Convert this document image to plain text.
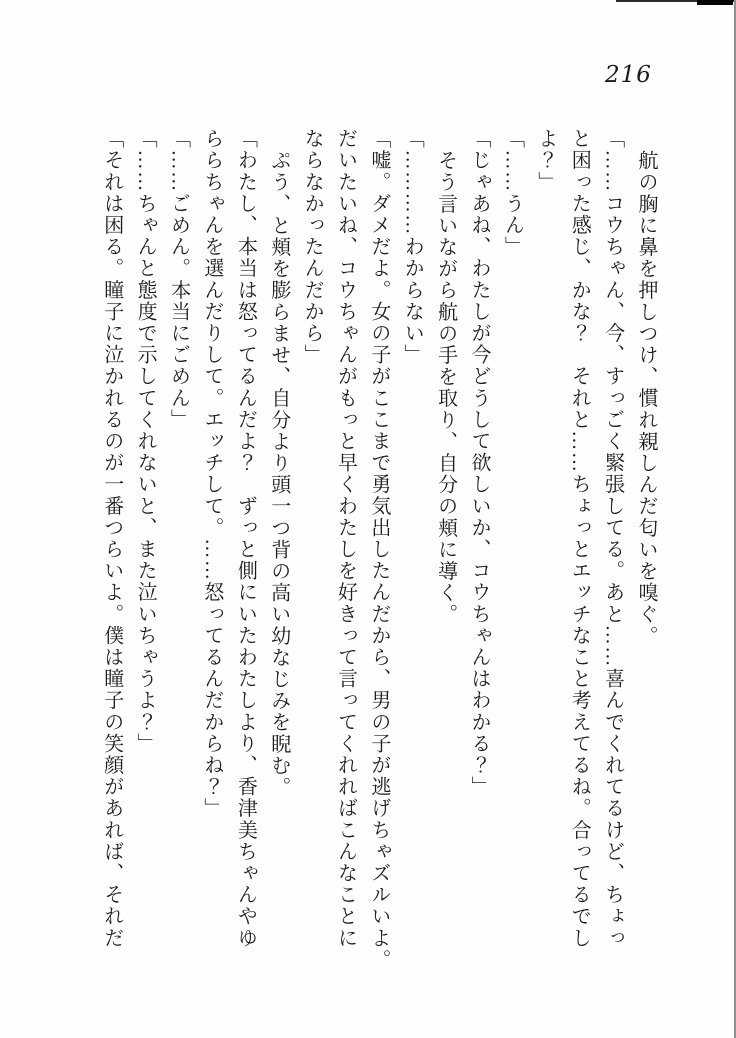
216
航の胸に鼻を押しつけ、慣れ親しんだ匂いを嗅ぐ。
「……コウちゃん、今、すっごく緊張してる。あと……喜んでくれてるけど、ちょっ
と困った感じ、かな？　それと……ちょっとエッチなこと考えてるね。合ってるでし
よ？」
「……うん」
「じゃあね、わたしが今どうして欲しいか、コウちゃんはわかる？」
そう言いながら航の手を取り、自分の頬に導く。
「…………わからない」
「嘘。ダメだよ。女の子がここまで勇気出したんだから、男の子が逃げちゃズルいよ。
だいたいね、コウちゃんがもっと早くわたしを好きって言ってくれればこんなことに
ならなかったんだから」
ぷう、と頬を膨らませ、自分より頭一つ背の高い幼なじみを睨む。
「わたし、本当は怒ってるんだよ？　ずっと側にいたわたしより、香津美ちゃんやゆ
ららちゃんを選んだりして。エッチして。……怒ってるんだからね？」
「……ごめん。本当にごめん」
「……ちゃんと態度で示してくれないと、また泣いちゃうよ？」
「それは困る。瞳子に泣かれるのが一番つらいよ。僕は瞳子の笑顔があれば、それだ
